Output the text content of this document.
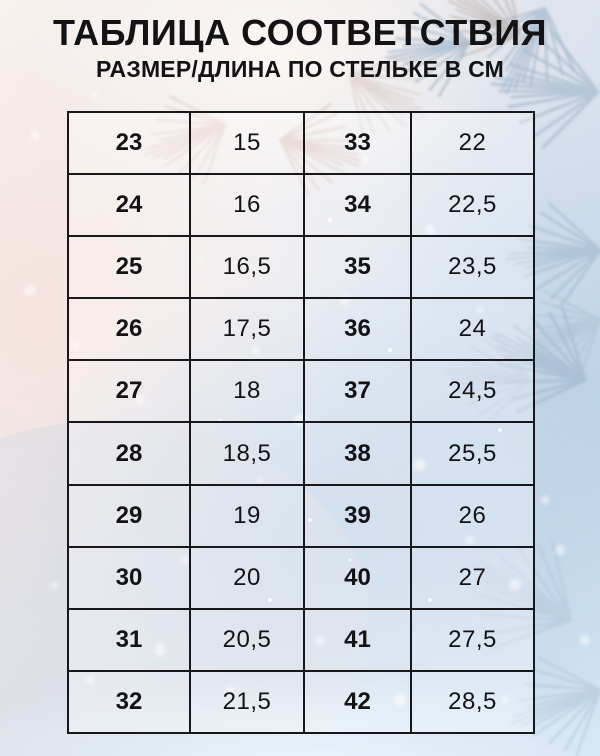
ТАБЛИЦА СООТВЕТСТВИЯ
РАЗМЕР/ДЛИНА ПО СТЕЛЬКЕ В СМ
23	15	33	22
24	16	34	22,5
25	16,5	35	23,5
26	17,5	36	24
27	18	37	24,5
28	18,5	38	25,5
29	19	39	26
30	20	40	27
31	20,5	41	27,5
32	21,5	42	28,5
